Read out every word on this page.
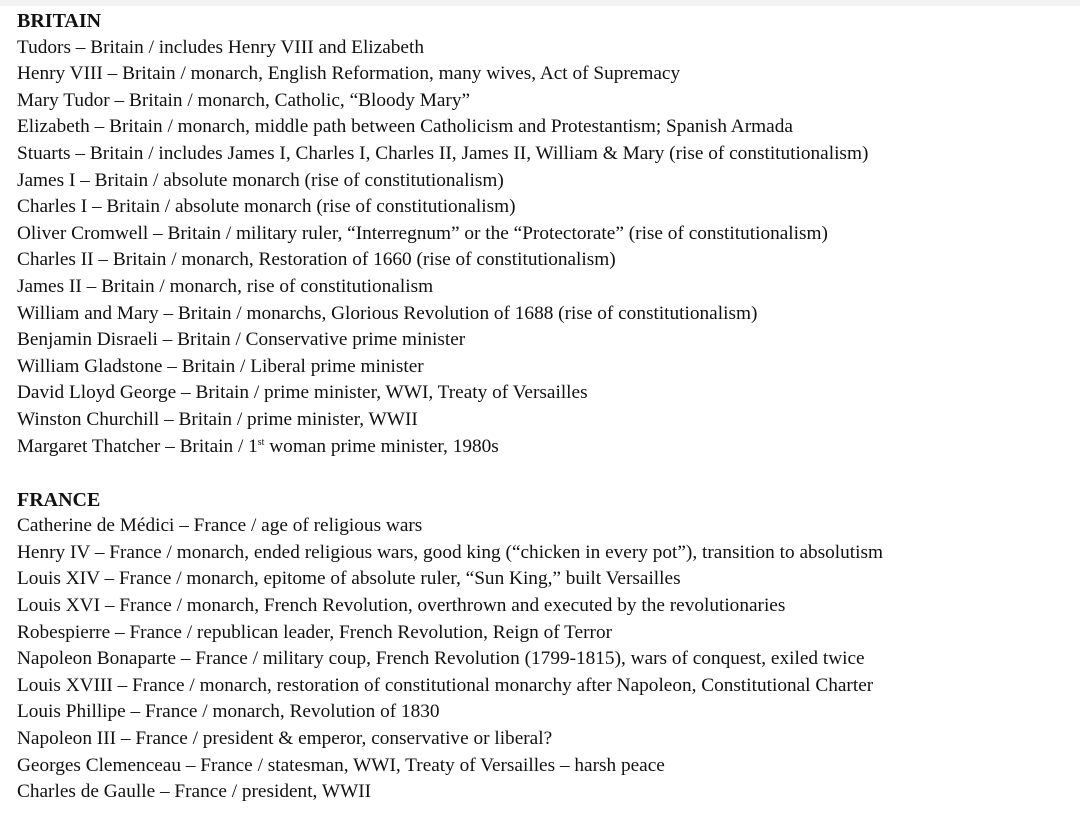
BRITAIN
Tudors – Britain / includes Henry VIII and Elizabeth
Henry VIII – Britain / monarch, English Reformation, many wives, Act of Supremacy
Mary Tudor – Britain / monarch, Catholic, “Bloody Mary”
Elizabeth – Britain / monarch, middle path between Catholicism and Protestantism; Spanish Armada
Stuarts – Britain / includes James I, Charles I, Charles II, James II, William & Mary (rise of constitutionalism)
James I – Britain / absolute monarch (rise of constitutionalism)
Charles I – Britain / absolute monarch (rise of constitutionalism)
Oliver Cromwell – Britain / military ruler, “Interregnum” or the “Protectorate” (rise of constitutionalism)
Charles II – Britain / monarch, Restoration of 1660 (rise of constitutionalism)
James II – Britain / monarch, rise of constitutionalism
William and Mary – Britain / monarchs, Glorious Revolution of 1688 (rise of constitutionalism)
Benjamin Disraeli – Britain / Conservative prime minister
William Gladstone – Britain / Liberal prime minister
David Lloyd George – Britain / prime minister, WWI, Treaty of Versailles
Winston Churchill – Britain / prime minister, WWII
Margaret Thatcher – Britain / 1st woman prime minister, 1980s
FRANCE
Catherine de Médici – France / age of religious wars
Henry IV – France / monarch, ended religious wars, good king (“chicken in every pot”), transition to absolutism
Louis XIV – France / monarch, epitome of absolute ruler, “Sun King,” built Versailles
Louis XVI – France / monarch, French Revolution, overthrown and executed by the revolutionaries
Robespierre – France / republican leader, French Revolution, Reign of Terror
Napoleon Bonaparte – France / military coup, French Revolution (1799-1815), wars of conquest, exiled twice
Louis XVIII – France / monarch, restoration of constitutional monarchy after Napoleon, Constitutional Charter
Louis Phillipe – France / monarch, Revolution of 1830
Napoleon III – France / president & emperor, conservative or liberal?
Georges Clemenceau – France / statesman, WWI, Treaty of Versailles – harsh peace
Charles de Gaulle – France / president, WWII
